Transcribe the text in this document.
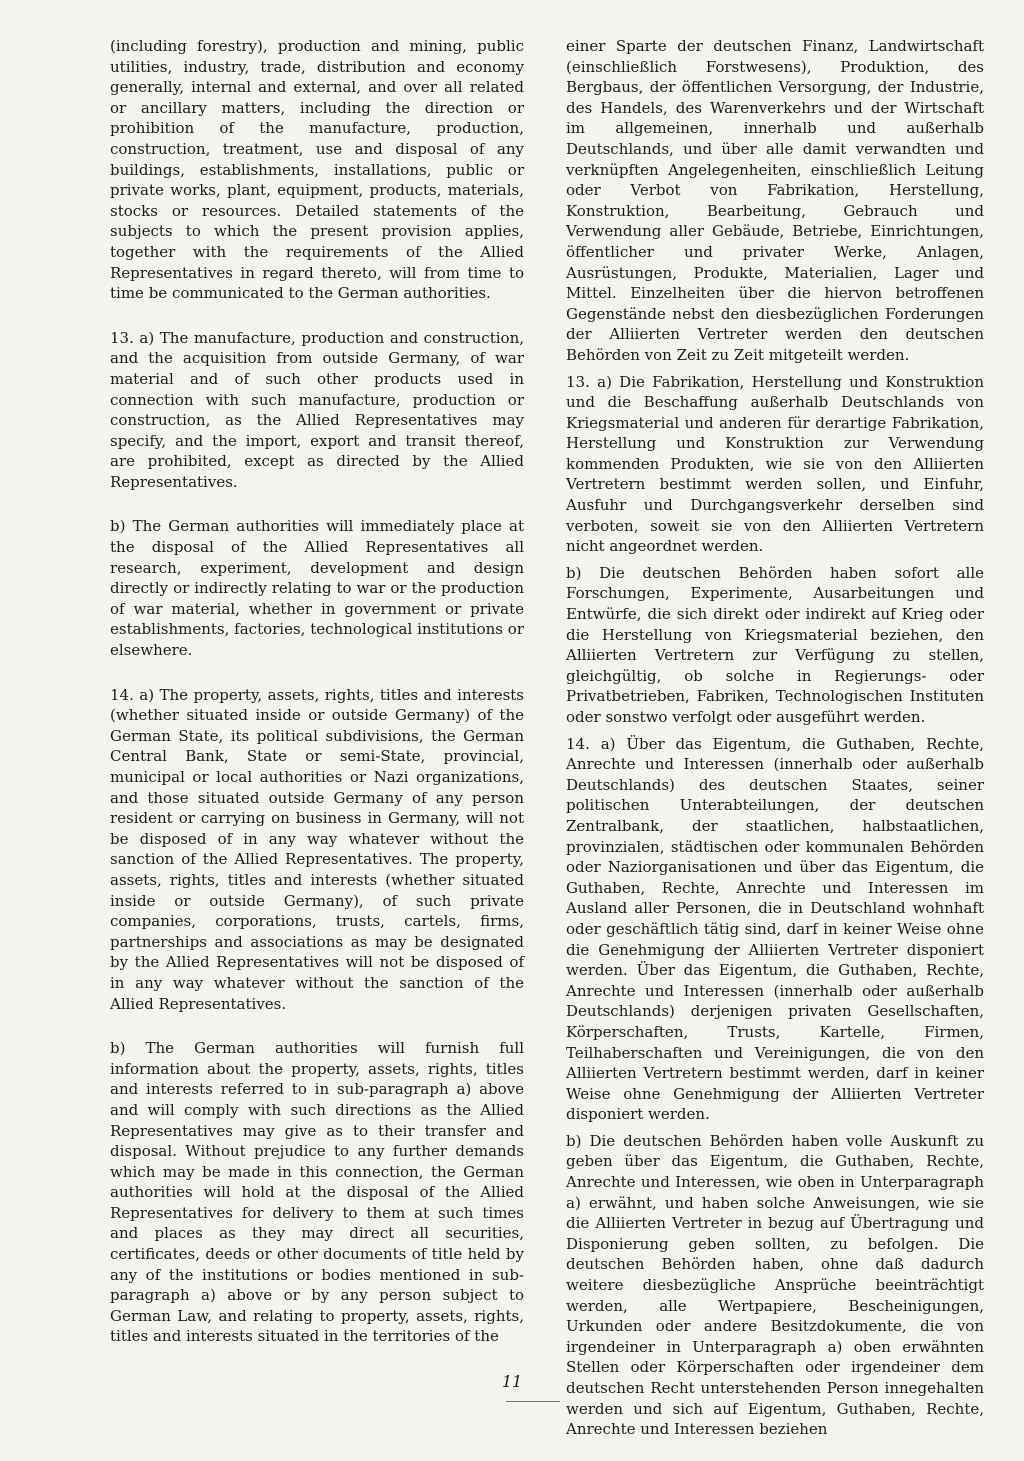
(including forestry), production and mining, public utilities, industry, trade, distribution and economy generally, internal and external, and over all related or ancillary matters, including the direction or prohibition of the manufacture, production, construction, treatment, use and disposal of any buildings, establishments, installations, public or private works, plant, equipment, products, materials, stocks or resources. Detailed statements of the subjects to which the present provision applies, together with the requirements of the Allied Representatives in regard thereto, will from time to time be communicated to the German authorities.

13. a) The manufacture, production and construction, and the acquisition from outside Germany, of war material and of such other products used in connection with such manufacture, production or construction, as the Allied Representatives may specify, and the import, export and transit thereof, are prohibited, except as directed by the Allied Representatives.

b) The German authorities will immediately place at the disposal of the Allied Representatives all research, experiment, development and design directly or indirectly relating to war or the production of war material, whether in government or private establishments, factories, technological institutions or elsewhere.

14. a) The property, assets, rights, titles and interests (whether situated inside or outside Germany) of the German State, its political subdivisions, the German Central Bank, State or semi-State, provincial, municipal or local authorities or Nazi organizations, and those situated outside Germany of any person resident or carrying on business in Germany, will not be disposed of in any way whatever without the sanction of the Allied Representatives. The property, assets, rights, titles and interests (whether situated inside or outside Germany), of such private companies, corporations, trusts, cartels, firms, partnerships and associations as may be designated by the Allied Representatives will not be disposed of in any way whatever without the sanction of the Allied Representatives.

b) The German authorities will furnish full information about the property, assets, rights, titles and interests referred to in sub-paragraph a) above and will comply with such directions as the Allied Representatives may give as to their transfer and disposal. Without prejudice to any further demands which may be made in this connection, the German authorities will hold at the disposal of the Allied Representatives for delivery to them at such times and places as they may direct all securities, certificates, deeds or other documents of title held by any of the institutions or bodies mentioned in sub-paragraph a) above or by any person subject to German Law, and relating to property, assets, rights, titles and interests situated in the territories of the

einer Sparte der deutschen Finanz, Landwirtschaft (einschließlich Forstwesens), Produktion, des Bergbaus, der öffentlichen Versorgung, der Industrie, des Handels, des Warenverkehrs und der Wirtschaft im allgemeinen, innerhalb und außerhalb Deutschlands, und über alle damit verwandten und verknüpften Angelegenheiten, einschließlich Leitung oder Verbot von Fabrikation, Herstellung, Konstruktion, Bearbeitung, Gebrauch und Verwendung aller Gebäude, Betriebe, Einrichtungen, öffentlicher und privater Werke, Anlagen, Ausrüstungen, Produkte, Materialien, Lager und Mittel. Einzelheiten über die hiervon betroffenen Gegenstände nebst den diesbezüglichen Forderungen der Alliierten Vertreter werden den deutschen Behörden von Zeit zu Zeit mitgeteilt werden.

13. a) Die Fabrikation, Herstellung und Konstruktion und die Beschaffung außerhalb Deutschlands von Kriegsmaterial und anderen für derartige Fabrikation, Herstellung und Konstruktion zur Verwendung kommenden Produkten, wie sie von den Alliierten Vertretern bestimmt werden sollen, und Einfuhr, Ausfuhr und Durchgangsverkehr derselben sind verboten, soweit sie von den Alliierten Vertretern nicht angeordnet werden.

b) Die deutschen Behörden haben sofort alle Forschungen, Experimente, Ausarbeitungen und Entwürfe, die sich direkt oder indirekt auf Krieg oder die Herstellung von Kriegsmaterial beziehen, den Alliierten Vertretern zur Verfügung zu stellen, gleichgültig, ob solche in Regierungs- oder Privatbetrieben, Fabriken, Technologischen Instituten oder sonstwo verfolgt oder ausgeführt werden.

14. a) Über das Eigentum, die Guthaben, Rechte, Anrechte und Interessen (innerhalb oder außerhalb Deutschlands) des deutschen Staates, seiner politischen Unterabteilungen, der deutschen Zentralbank, der staatlichen, halbstaatlichen, provinzialen, städtischen oder kommunalen Behörden oder Naziorganisationen und über das Eigentum, die Guthaben, Rechte, Anrechte und Interessen im Ausland aller Personen, die in Deutschland wohnhaft oder geschäftlich tätig sind, darf in keiner Weise ohne die Genehmigung der Alliierten Vertreter disponiert werden. Über das Eigentum, die Guthaben, Rechte, Anrechte und Interessen (innerhalb oder außerhalb Deutschlands) derjenigen privaten Gesellschaften, Körperschaften, Trusts, Kartelle, Firmen, Teilhaberschaften und Vereinigungen, die von den Alliierten Vertretern bestimmt werden, darf in keiner Weise ohne Genehmigung der Alliierten Vertreter disponiert werden.

b) Die deutschen Behörden haben volle Auskunft zu geben über das Eigentum, die Guthaben, Rechte, Anrechte und Interessen, wie oben in Unterparagraph a) erwähnt, und haben solche Anweisungen, wie sie die Alliierten Vertreter in bezug auf Übertragung und Disponierung geben sollten, zu befolgen. Die deutschen Behörden haben, ohne daß dadurch weitere diesbezügliche Ansprüche beeinträchtigt werden, alle Wertpapiere, Bescheinigungen, Urkunden oder andere Besitzdokumente, die von irgendeiner in Unterparagraph a) oben erwähnten Stellen oder Körperschaften oder irgendeiner dem deutschen Recht unterstehenden Person innegehalten werden und sich auf Eigentum, Guthaben, Rechte, Anrechte und Interessen beziehen

11
